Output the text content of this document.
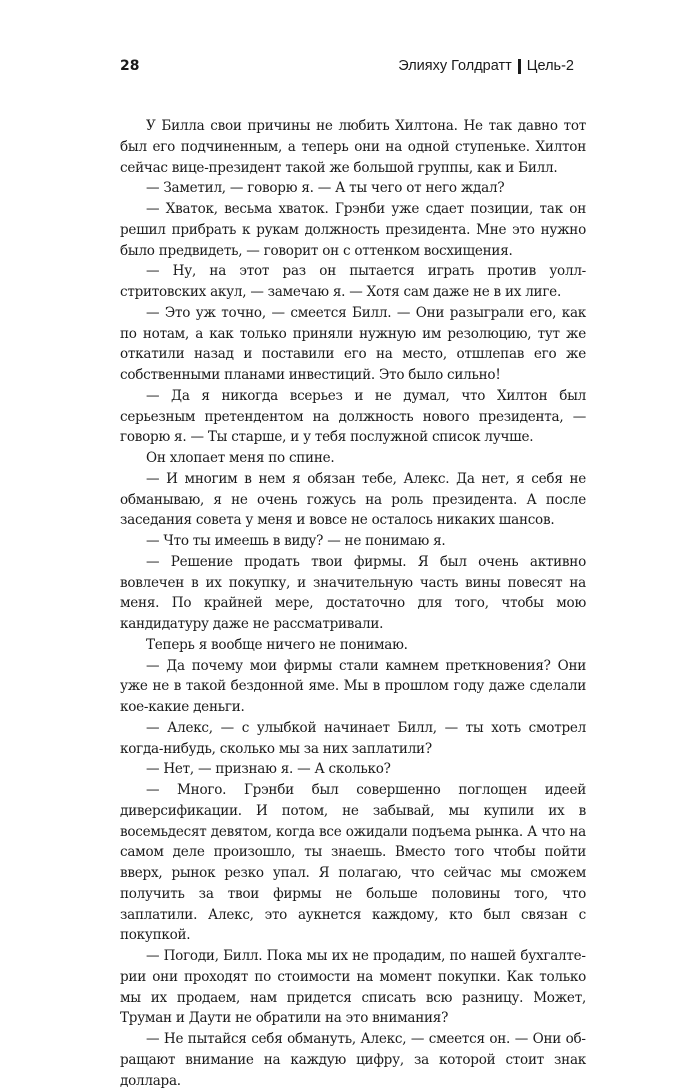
28	Элияху Голдратт Цель-2

У Билла свои причины не любить Хилтона. Не так давно тот был его подчиненным, а теперь они на одной ступеньке. Хилтон сейчас вице-президент такой же большой группы, как и Билл.

— Заметил, — говорю я. — А ты чего от него ждал?

— Хваток, весьма хваток. Грэнби уже сдает позиции, так он решил прибрать к рукам должность президента. Мне это нужно было предвидеть, — говорит он с оттенком восхищения.

— Ну, на этот раз он пытается играть против уолл-стритовских акул, — замечаю я. — Хотя сам даже не в их лиге.

— Это уж точно, — смеется Билл. — Они разыграли его, как по нотам, а как только приняли нужную им резолюцию, тут же откатили назад и поставили его на место, отшлепав его же собственными планами инвестиций. Это было сильно!

— Да я никогда всерьез и не думал, что Хилтон был серьезным претендентом на должность нового президента, — говорю я. — Ты старше, и у тебя послужной список лучше.

Он хлопает меня по спине.

— И многим в нем я обязан тебе, Алекс. Да нет, я себя не обманываю, я не очень гожусь на роль президента. А после заседания совета у меня и вовсе не осталось никаких шансов.

— Что ты имеешь в виду? — не понимаю я.

— Решение продать твои фирмы. Я был очень активно вовлечен в их покупку, и значительную часть вины повесят на меня. По крайней мере, достаточно для того, чтобы мою кандидатуру даже не рассматривали.

Теперь я вообще ничего не понимаю.

— Да почему мои фирмы стали камнем преткновения? Они уже не в такой бездонной яме. Мы в прошлом году даже сделали кое-какие деньги.

— Алекс, — с улыбкой начинает Билл, — ты хоть смотрел когда-нибудь, сколько мы за них заплатили?

— Нет, — признаю я. — А сколько?

— Много. Грэнби был совершенно поглощен идеей диверсификации. И потом, не забывай, мы купили их в восемьдесят девятом, когда все ожидали подъема рынка. А что на самом деле произошло, ты знаешь. Вместо того чтобы пойти вверх, рынок резко упал. Я полагаю, что сейчас мы сможем получить за твои фирмы не больше половины того, что заплатили. Алекс, это аукнется каждому, кто был связан с покупкой.

— Погоди, Билл. Пока мы их не продадим, по нашей бухгалтерии они проходят по стоимости на момент покупки. Как только мы их продаем, нам придется списать всю разницу. Может, Труман и Даути не обратили на это внимания?

— Не пытайся себя обмануть, Алекс, — смеется он. — Они обращают внимание на каждую цифру, за которой стоит знак доллара.
